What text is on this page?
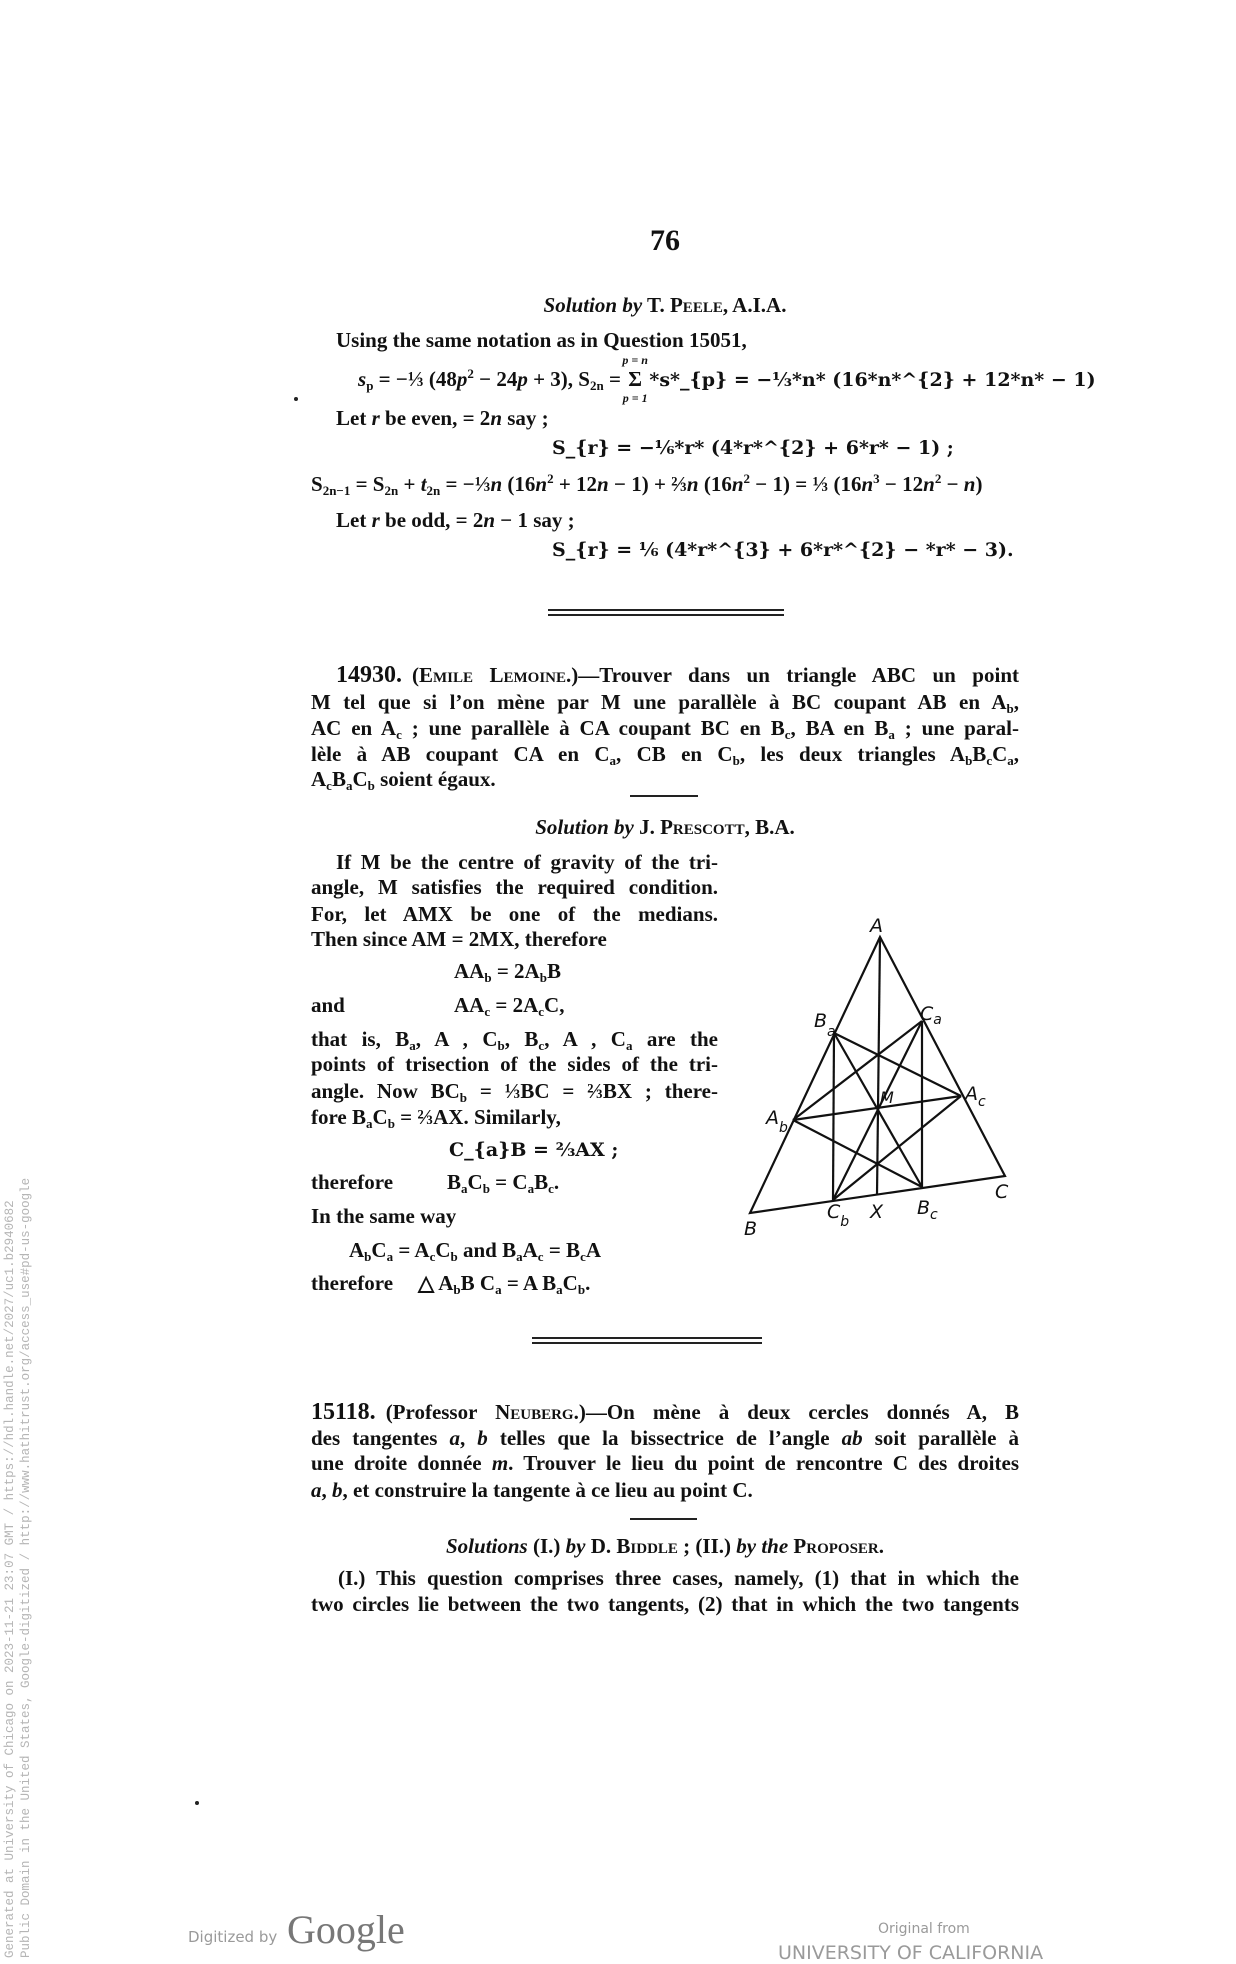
76
Solution by T. Peele, A.I.A.
Using the same notation as in Question 15051,
$s_p$ = −⅓ $(48p^2 - 24p + 3)$, $S_{2n}$ =
p = n
Σ
p = 1
*s*_{p} = −⅓*n* (16*n*^{2} + 12*n* − 1)
Let r be even, = 2n say ;
S_{r} = −⅙*r* (4*r*^{2} + 6*r* − 1) ;
$S_{2n-1} = S_{2n} + t_{2n}$ = −⅓n $(16n^2 + 12n - 1)$ + ⅔n $(16n^2 - 1)$ = ⅓ $(16n^3 - 12n^2 - n)$
Let r be odd, = 2n − 1 say ;
S_{r} = ⅙ (4*r*^{3} + 6*r*^{2} − *r* − 3).
14930. (Emile Lemoine.)—Trouver dans un triangle ABC un point
M tel que si l’on mène par M une parallèle à BC coupant AB en $A_b$,
AC en $A_c$ ; une parallèle à CA coupant BC en $B_c$, BA en $B_a$ ; une paral-
lèle à AB coupant CA en $C_a$, CB en $C_b$, les deux triangles $A_bB_cC_a$,
$A_cB_aC_b$ soient égaux.
Solution by J. Prescott, B.A.
If M be the centre of gravity of the tri-
angle, M satisfies the required condition.
For, let AMX be one of the medians.
Then since AM = 2MX, therefore
$AA_b = 2A_bB$
and	$AA_c = 2A_cC$,
that is, $B_a$, A , $C_b$, $B_c$, A , $C_a$ are the
points of trisection of the sides of the tri-
angle. Now $BC_b$ = ⅓BC = ⅔BX ; there-
fore $B_aC_b$ = ⅔AX. Similarly,
C_{a}B = ⅔AX ;
therefore	$B_aC_b = C_aB_c$.
In the same way
$A_bC_a = A_cC_b$ and $B_aA_c = B_cA$
therefore △ $A_bB$ $C_a = A$ $B_aC_b$.
A
$B_a$
$C_a$
$A_b$
$A_c$
M
B
$C_b$ X $B_c$
C
15118. (Professor Neuberg.)—On mène à deux cercles donnés A, B
des tangentes a, b telles que la bissectrice de l’angle ab soit parallèle à
une droite donnée m. Trouver le lieu du point de rencontre C des droites
a, b, et construire la tangente à ce lieu au point C.
Solutions (I.) by D. Biddle ; (II.) by the Proposer.
(I.) This question comprises three cases, namely, (1) that in which the
two circles lie between the two tangents, (2) that in which the two tangents
Generated at University of Chicago on 2023-11-21 23:07 GMT / https://hdl.handle.net/2027/uc1.b2940682 Public Domain in the United States, Google-digitized / http://www.hathitrust.org/access_use#pd-us-google	Digitized by Google	Original from
UNIVERSITY OF CALIFORNIA
